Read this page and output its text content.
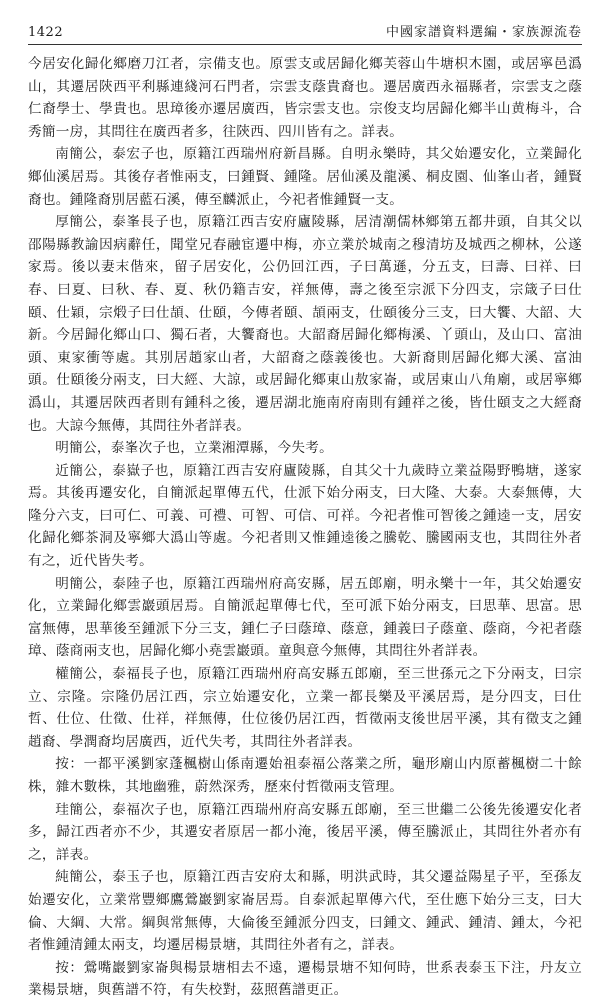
1422	中國家譜資料選編・家族源流卷

今居安化歸化鄉磨刀江者，宗備支也。原雲支或居歸化鄉芙蓉山牛塘枳木園，或居寧邑潙山，其遷居陝西平利縣連綫河石門者，宗雲支蔭貴裔也。遷居廣西永福縣者，宗雲支之蔭仁裔學士、學貴也。思璋後亦遷居廣西，皆宗雲支也。宗俊支均居歸化鄉半山黄梅斗，合秀簡一房，其問往在廣西者多，往陝西、四川皆有之。詳表。

南簡公，泰宏子也，原籍江西瑞州府新昌縣。自明永樂時，其父始遷安化，立業歸化鄉仙溪居焉。其後存者惟兩支，曰鍾賢、鍾隆。居仙溪及龍溪、桐皮園、仙峯山者，鍾賢裔也。鍾隆裔別居藍石溪，傳至麟派止，今祀者惟鍾賢一支。

厚簡公，泰峯長子也，原籍江西吉安府廬陵縣，居清潮儒林鄉第五都井頭，自其父以邵陽縣教諭因病辭任，聞堂兄春融宦遷中梅，亦立業於城南之穆清坊及城西之柳林，公遂家焉。後以妻末偕來，留子居安化，公仍回江西，子曰萬遜，分五支，曰壽、曰祥、曰春、曰夏、曰秋、春、夏、秋仍籍吉安，祥無傳，壽之後至宗派下分四支，宗箴子曰仕頤、仕穎，宗煅子曰仕頡、仕頤，今傳者頤、頡兩支，仕頤後分三支，曰大饗、大韶、大新。今居歸化鄉山口、獨石者，大饗裔也。大韶裔居歸化鄉梅溪、丫頭山，及山口、富油頭、東家衝等處。其別居趙家山者，大韶裔之蔭義後也。大新裔則居歸化鄉大溪、富油頭。仕頤後分兩支，曰大經、大諒，或居歸化鄉東山敖家崙，或居東山八角廟，或居寧鄉潙山，其遷居陝西者則有鍾科之後，遷居湖北施南府南則有鍾祥之後，皆仕頤支之大經裔也。大諒今無傳，其問往外者詳表。

明簡公，泰峯次子也，立業湘潭縣，今失考。

近簡公，泰嶽子也，原籍江西吉安府廬陵縣，自其父十九歲時立業益陽野鴨塘，遂家焉。其後再遷安化，自簡派起單傳五代，仕派下始分兩支，曰大隆、大泰。大泰無傳，大隆分六支，曰可仁、可義、可禮、可智、可信、可祥。今祀者惟可智後之鍾逵一支，居安化歸化鄉茶洞及寧鄉大潙山等處。今祀者則又惟鍾逵後之騰乾、騰國兩支也，其問往外者有之，近代皆失考。

明簡公，泰陸子也，原籍江西瑞州府高安縣，居五郎廟，明永樂十一年，其父始遷安化，立業歸化鄉雲巖頭居焉。自簡派起單傳七代，至可派下始分兩支，曰思華、思富。思富無傳，思華後至鍾派下分三支，鍾仁子曰蔭璋、蔭意，鍾義曰子蔭童、蔭商，今祀者蔭璋、蔭商兩支也，居歸化鄉小堯雲巖頭。童與意今無傳，其問往外者詳表。

權簡公，泰福長子也，原籍江西瑞州府高安縣五郎廟，至三世孫元之下分兩支，曰宗立、宗隆。宗隆仍居江西，宗立始遷安化，立業一都長樂及平溪居焉，是分四支，曰仕哲、仕位、仕徵、仕祥，祥無傳，仕位後仍居江西，哲徵兩支後世居平溪，其有徵支之鍾趙裔、學潤裔均居廣西，近代失考，其問往外者詳表。

按：一都平溪劉家蓬楓樹山係南遷始祖泰福公落業之所，龜形廟山内原蓄楓樹二十餘株，雜木數株，其地幽雅，蔚然深秀，歷來付哲徵兩支管理。

珪簡公，泰福次子也，原籍江西瑞州府高安縣五郎廟，至三世繼二公後先後遷安化者多，歸江西者亦不少，其遷安者原居一都小淹，後居平溪，傳至騰派止，其問往外者亦有之，詳表。

純簡公，泰玉子也，原籍江西吉安府太和縣，明洪武時，其父遷益陽星子平，至孫友始遷安化，立業常豐鄉鷹鶯巖劉家崙居焉。自泰派起單傳六代，至仕應下始分三支，曰大倫、大綱、大常。綱與常無傳，大倫後至鍾派分四支，曰鍾文、鍾武、鍾清、鍾太，今祀者惟鍾清鍾太兩支，均遷居楊景塘，其問往外者有之，詳表。

按：鶯嘴巖劉家崙與楊景塘相去不遠，遷楊景塘不知何時，世系表泰玉下注，丹友立業楊景塘，與舊譜不符，有失校對，茲照舊譜更正。
